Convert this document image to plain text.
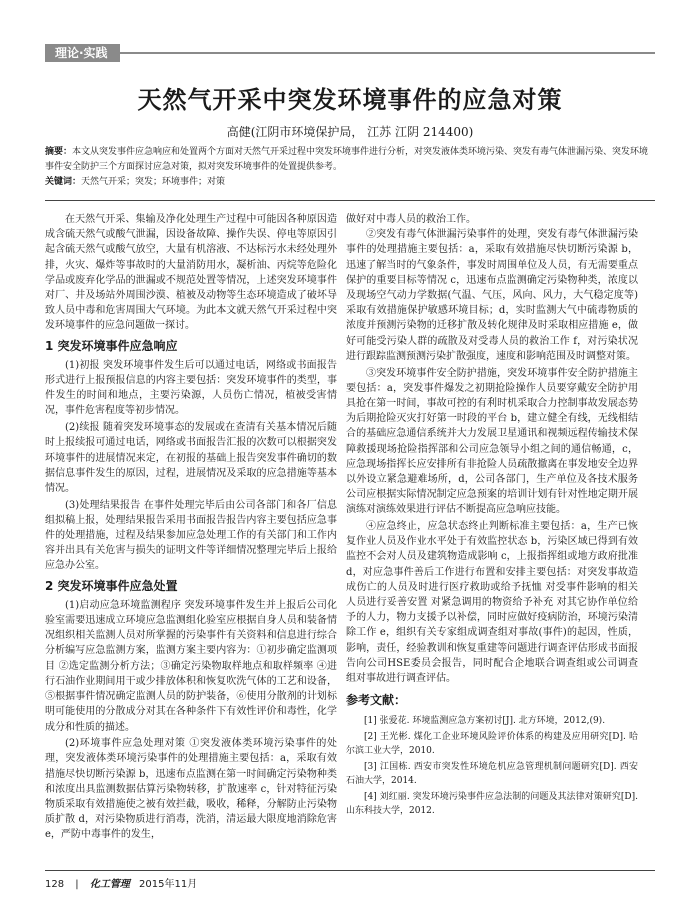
理论·实践
天然气开采中突发环境事件的应急对策
高健(江阴市环境保护局， 江苏 江阴 214400)
摘要：本文从突发事件应急响应和处置两个方面对天然气开采过程中突发环境事件进行分析，对突发液体类环境污染、突发有毒气体泄漏污染、突发环境事件安全防护三个方面探讨应急对策，拟对突发环境事件的处置提供参考。
关键词：天然气开采；突发；环境事件；对策

在天然气开采、集输及净化处理生产过程中可能因各种原因造成含硫天然气或酸气泄漏，因设备故障、操作失误、停电等原因引起含硫天然气或酸气放空，大量有机溶液、不达标污水未经处理外排，火灾、爆炸等事故时的大量消防用水，凝析油、丙烷等危险化学品或废弃化学品的泄漏或不规范处置等情况，上述突发环境事件对厂、井及场站外周围沙漠、植被及动物等生态环境造成了破坏导致人员中毒和危害周围大气环境。为此本文就天然气开采过程中突发环境事件的应急问题做一探讨。

1 突发环境事件应急响应

(1)初报 突发环境事件发生后可以通过电话，网络或书面报告形式进行上报预报信息的内容主要包括：突发环境事件的类型，事件发生的时间和地点，主要污染源，人员伤亡情况，植被受害情况，事件危害程度等初步情况。

(2)续报 随着突发环境事态的发展或在查清有关基本情况后随时上报续报可通过电话，网络或书面报告汇报的次数可以根据突发环境事件的进展情况来定，在初报的基础上报告突发事件确切的数据信息事件发生的原因，过程，进展情况及采取的应急措施等基本情况。

(3)处理结果报告 在事件处理完毕后由公司各部门和各厂信息组拟稿上报，处理结果报告采用书面报告报告内容主要包括应急事件的处理措施，过程及结果参加应急处理工作的有关部门和工作内容并出具有关危害与损失的证明文件等详细情况整理完毕后上报给应急办公室。

2 突发环境事件应急处置

(1)启动应急环境监测程序 突发环境事件发生并上报后公司化验室需要迅速成立环境应急监测组化验室应根据自身人员和装备情况组织相关监测人员对所掌握的污染事件有关资料和信息进行综合分析编写应急监测方案，监测方案主要内容为：①初步确定监测项目 ②选定监测分析方法；③确定污染物取样地点和取样频率 ④进行石油作业期间用干或少排放体积和恢复吹洗气体的工艺和设备，⑤根据事件情况确定监测人员的防护装备，⑥使用分散剂的计划标明可能使用的分散成分对其在各种条件下有效性评价和毒性，化学成分和性质的描述。

(2)环境事件应急处理对策 ①突发液体类环境污染事件的处理，突发液体类环境污染事件的处理措施主要包括：a，采取有效措施尽快切断污染源 b，迅速布点监测在第一时间确定污染物种类和浓度出具监测数据估算污染物转移，扩散速率 c，针对特征污染物质采取有效措施使之被有效拦截，吸收，稀释，分解防止污染物质扩散 d，对污染物质进行消毒，洗消，清运最大限度地消除危害 e，严防中毒事件的发生，

做好对中毒人员的救治工作。

②突发有毒气体泄漏污染事件的处理，突发有毒气体泄漏污染事件的处理措施主要包括：a，采取有效措施尽快切断污染源 b，迅速了解当时的气象条件，事发时周围单位及人员，有无需要重点保护的重要目标等情况 c，迅速布点监测确定污染物种类，浓度以及现场空气动力学数据(气温、气压，风向、风力，大气稳定度等)采取有效措施保护敏感环境目标；d，实时监测大气中硫毒物质的浓度并预测污染物的迁移扩散及转化规律及时采取相应措施 e，做好可能受污染人群的疏散及对受毒人员的救治工作 f，对污染状况进行跟踪监测预测污染扩散强度，速度和影响范围及时调整对策。

③突发环境事件安全防护措施，突发环境事件安全防护措施主要包括：a，突发事件爆发之初期抢险操作人员要穿戴安全防护用具抢在第一时间，事故可控的有利时机采取合力控制事故发展态势为后期抢险灭灾打好第一时段的平台 b，建立健全有线，无线相结合的基础应急通信系统并大力发展卫星通讯和视频远程传输技术保障救援现场抢险指挥部和公司应急领导小组之间的通信畅通，c，应急现场指挥长应安排所有非抢险人员疏散撤离在事发地安全边界以外设立紧急避难场所，d，公司各部门，生产单位及各技术服务公司应根据实际情况制定应急预案的培训计划有针对性地定期开展演练对演练效果进行评估不断提高应急响应技能。

④应急终止，应急状态终止判断标准主要包括：a，生产已恢复作业人员及作业水平处于有效监控状态 b，污染区域已得到有效监控不会对人员及建筑物造成影响 c，上报指挥组或地方政府批准 d，对应急事件善后工作进行布置和安排主要包括：对突发事故造成伤亡的人员及时进行医疗救助或给予抚恤 对受事件影响的相关人员进行妥善安置 对紧急调用的物资给予补充 对其它协作单位给予的人力，物力支援予以补偿，同时应做好疫病防治，环境污染清除工作 e，组织有关专家组成调查组对事故(事件)的起因，性质，影响，责任，经验教训和恢复重建等问题进行调查评估形成书面报告向公司HSE委员会报告，同时配合企地联合调查组或公司调查组对事故进行调查评估。

参考文献：
[1] 张爱花. 环境监测应急方案初讨[J]. 北方环境，2012,(9).
[2] 王光彬. 煤化工企业环境风险评价体系的构建及应用研究[D]. 哈尔滨工业大学，2010.
[3] 江国栋. 西安市突发性环境危机应急管理机制问题研究[D]. 西安石油大学，2014.
[4] 刘红丽. 突发环境污染事件应急法制的问题及其法律对策研究[D]. 山东科技大学，2012.
128 | 化工管理 2015年11月
